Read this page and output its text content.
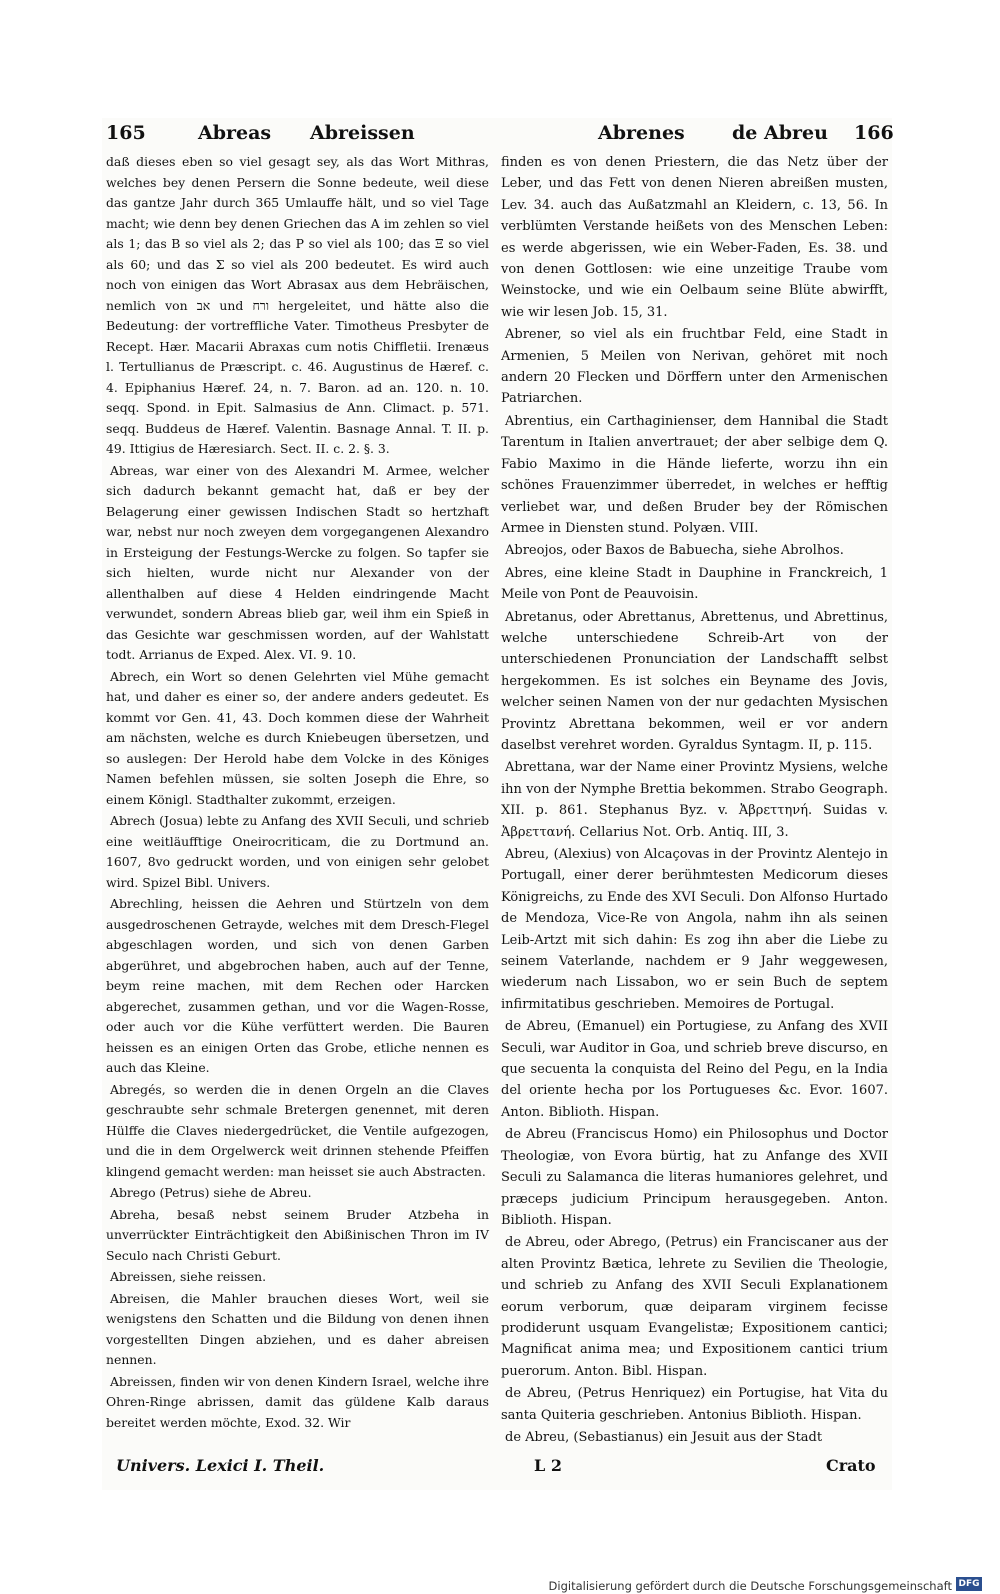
165	Abreas Abreissen	Abrenes de Abreu 166

daß dieses eben so viel gesagt sey, als das Wort Mithras, welches bey denen Persern die Sonne bedeute, weil diese das gantze Jahr durch 365 Umlauffe hält, und so viel Tage macht; wie denn bey denen Griechen das A im zehlen so viel als 1; das B so viel als 2; das P so viel als 100; das Ξ so viel als 60; und das Σ so viel als 200 bedeutet. Es wird auch noch von einigen das Wort Abrasax aus dem Hebräischen, nemlich von אב und ורח hergeleitet, und hätte also die Bedeutung: der vortreffliche Vater. Timotheus Presbyter de Recept. Hær. Macarii Abraxas cum notis Chiffletii. Irenæus l. Tertullianus de Præscript. c. 46. Augustinus de Hæref. c. 4. Epiphanius Hæref. 24, n. 7. Baron. ad an. 120. n. 10. seqq. Spond. in Epit. Salmasius de Ann. Climact. p. 571. seqq. Buddeus de Hæref. Valentin. Basnage Annal. T. II. p. 49. Ittigius de Hæresiarch. Sect. II. c. 2. §. 3.

Abreas, war einer von des Alexandri M. Armee, welcher sich dadurch bekannt gemacht hat, daß er bey der Belagerung einer gewissen Indischen Stadt so hertzhaft war, nebst nur noch zweyen dem vorgegangenen Alexandro in Ersteigung der Festungs-Wercke zu folgen. So tapfer sie sich hielten, wurde nicht nur Alexander von der allenthalben auf diese 4 Helden eindringende Macht verwundet, sondern Abreas blieb gar, weil ihm ein Spieß in das Gesichte war geschmissen worden, auf der Wahlstatt todt. Arrianus de Exped. Alex. VI. 9. 10.

Abrech, ein Wort so denen Gelehrten viel Mühe gemacht hat, und daher es einer so, der andere anders gedeutet. Es kommt vor Gen. 41, 43. Doch kommen diese der Wahrheit am nächsten, welche es durch Kniebeugen übersetzen, und so auslegen: Der Herold habe dem Volcke in des Königes Namen befehlen müssen, sie solten Joseph die Ehre, so einem Königl. Stadthalter zukommt, erzeigen.

Abrech (Josua) lebte zu Anfang des XVII Seculi, und schrieb eine weitläufftige Oneirocriticam, die zu Dortmund an. 1607, 8vo gedruckt worden, und von einigen sehr gelobet wird. Spizel Bibl. Univers.

Abrechling, heissen die Aehren und Stürtzeln von dem ausgedroschenen Getrayde, welches mit dem Dresch-Flegel abgeschlagen worden, und sich von denen Garben abgerühret, und abgebrochen haben, auch auf der Tenne, beym reine machen, mit dem Rechen oder Harcken abgerechet, zusammen gethan, und vor die Wagen-Rosse, oder auch vor die Kühe verfüttert werden. Die Bauren heissen es an einigen Orten das Grobe, etliche nennen es auch das Kleine.

Abregés, so werden die in denen Orgeln an die Claves geschraubte sehr schmale Bretergen genennet, mit deren Hülffe die Claves niedergedrücket, die Ventile aufgezogen, und die in dem Orgelwerck weit drinnen stehende Pfeiffen klingend gemacht werden: man heisset sie auch Abstracten.

Abrego (Petrus) siehe de Abreu.

Abreha, besaß nebst seinem Bruder Atzbeha in unverrückter Einträchtigkeit den Abißinischen Thron im IV Seculo nach Christi Geburt.

Abreissen, siehe reissen.

Abreisen, die Mahler brauchen dieses Wort, weil sie wenigstens den Schatten und die Bildung von denen ihnen vorgestellten Dingen abziehen, und es daher abreisen nennen.

Abreissen, finden wir von denen Kindern Israel, welche ihre Ohren-Ringe abrissen, damit das güldene Kalb daraus bereitet werden möchte, Exod. 32. Wir

finden es von denen Priestern, die das Netz über der Leber, und das Fett von denen Nieren abreißen musten, Lev. 34. auch das Außatzmahl an Kleidern, c. 13, 56. In verblümten Verstande heißets von des Menschen Leben: es werde abgerissen, wie ein Weber-Faden, Es. 38. und von denen Gottlosen: wie eine unzeitige Traube vom Weinstocke, und wie ein Oelbaum seine Blüte abwirfft, wie wir lesen Job. 15, 31.

Abrener, so viel als ein fruchtbar Feld, eine Stadt in Armenien, 5 Meilen von Nerivan, gehöret mit noch andern 20 Flecken und Dörffern unter den Armenischen Patriarchen.

Abrentius, ein Carthaginienser, dem Hannibal die Stadt Tarentum in Italien anvertrauet; der aber selbige dem Q. Fabio Maximo in die Hände lieferte, worzu ihn ein schönes Frauenzimmer überredet, in welches er hefftig verliebet war, und deßen Bruder bey der Römischen Armee in Diensten stund. Polyæn. VIII.

Abreojos, oder Baxos de Babuecha, siehe Abrolhos.

Abres, eine kleine Stadt in Dauphine in Franckreich, 1 Meile von Pont de Peauvoisin.

Abretanus, oder Abrettanus, Abrettenus, und Abrettinus, welche unterschiedene Schreib-Art von der unterschiedenen Pronunciation der Landschafft selbst hergekommen. Es ist solches ein Beyname des Jovis, welcher seinen Namen von der nur gedachten Mysischen Provintz Abrettana bekommen, weil er vor andern daselbst verehret worden. Gyraldus Syntagm. II, p. 115.

Abrettana, war der Name einer Provintz Mysiens, welche ihn von der Nymphe Brettia bekommen. Strabo Geograph. XII. p. 861. Stephanus Byz. v. Ἀβρεττηνή. Suidas v. Ἀβρεττανή. Cellarius Not. Orb. Antiq. III, 3.

Abreu, (Alexius) von Alcaçovas in der Provintz Alentejo in Portugall, einer derer berühmtesten Medicorum dieses Königreichs, zu Ende des XVI Seculi. Don Alfonso Hurtado de Mendoza, Vice-Re von Angola, nahm ihn als seinen Leib-Artzt mit sich dahin: Es zog ihn aber die Liebe zu seinem Vaterlande, nachdem er 9 Jahr weggewesen, wiederum nach Lissabon, wo er sein Buch de septem infirmitatibus geschrieben. Memoires de Portugal.

de Abreu, (Emanuel) ein Portugiese, zu Anfang des XVII Seculi, war Auditor in Goa, und schrieb breve discurso, en que secuenta la conquista del Reino del Pegu, en la India del oriente hecha por los Portugueses &c. Evor. 1607. Anton. Biblioth. Hispan.

de Abreu (Franciscus Homo) ein Philosophus und Doctor Theologiæ, von Evora bürtig, hat zu Anfange des XVII Seculi zu Salamanca die literas humaniores gelehret, und præceps judicium Principum herausgegeben. Anton. Biblioth. Hispan.

de Abreu, oder Abrego, (Petrus) ein Franciscaner aus der alten Provintz Bætica, lehrete zu Sevilien die Theologie, und schrieb zu Anfang des XVII Seculi Explanationem eorum verborum, quæ deiparam virginem fecisse prodiderunt usquam Evangelistæ; Expositionem cantici; Magnificat anima mea; und Expositionem cantici trium puerorum. Anton. Bibl. Hispan.

de Abreu, (Petrus Henriquez) ein Portugise, hat Vita du santa Quiteria geschrieben. Antonius Biblioth. Hispan.

de Abreu, (Sebastianus) ein Jesuit aus der Stadt

Univers. Lexici I. Theil.	L 2	Crato
Digitalisierung gefördert durch die Deutsche Forschungsgemeinschaft DFG
